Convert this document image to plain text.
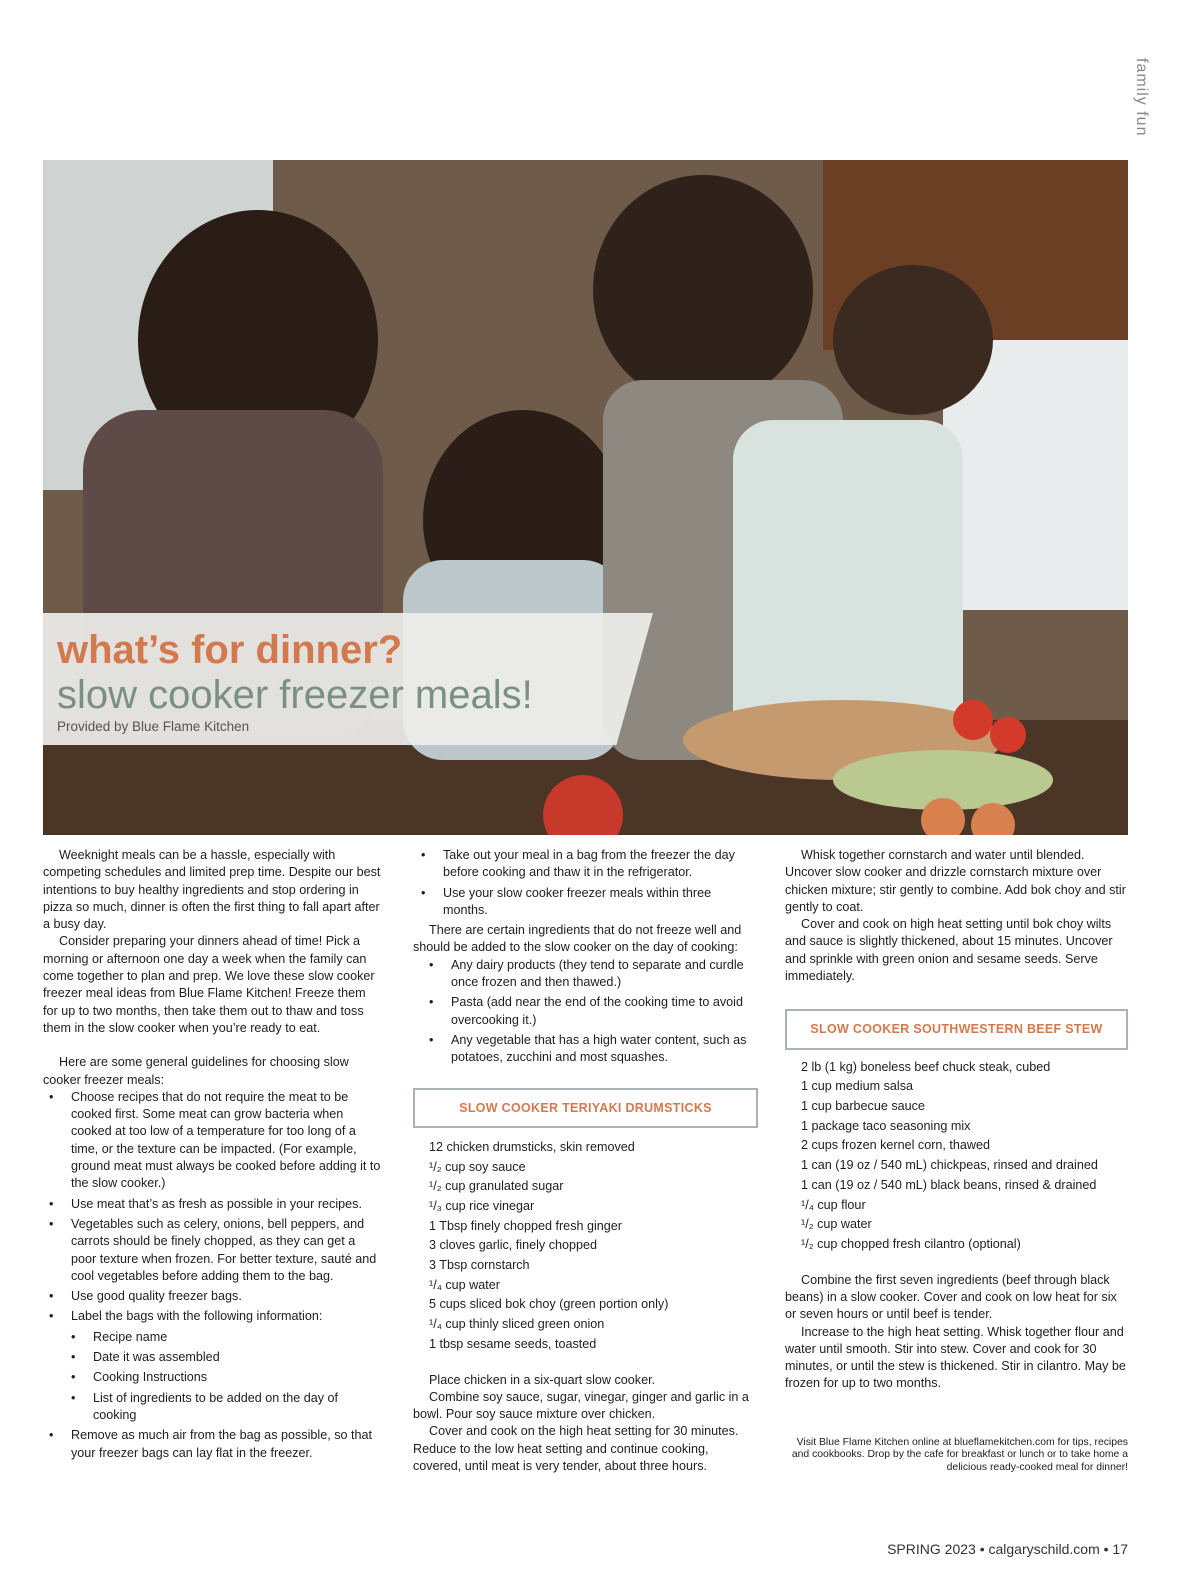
family fun
what’s for dinner?
slow cooker freezer meals!
Provided by Blue Flame Kitchen

Weeknight meals can be a hassle, especially with competing schedules and limited prep time. Despite our best intentions to buy healthy ingredients and stop ordering in pizza so much, dinner is often the first thing to fall apart after a busy day.

Consider preparing your dinners ahead of time! Pick a morning or afternoon one day a week when the family can come together to plan and prep. We love these slow cooker freezer meal ideas from Blue Flame Kitchen! Freeze them for up to two months, then take them out to thaw and toss them in the slow cooker when you’re ready to eat.

Here are some general guidelines for choosing slow cooker freezer meals:

• Choose recipes that do not require the meat to be cooked first. Some meat can grow bacteria when cooked at too low of a temperature for too long of a time, or the texture can be impacted. (For example, ground meat must always be cooked before adding it to the slow cooker.)
• Use meat that’s as fresh as possible in your recipes.
• Vegetables such as celery, onions, bell peppers, and carrots should be finely chopped, as they can get a poor texture when frozen. For better texture, sauté and cool vegetables before adding them to the bag.
• Use good quality freezer bags.
• Label the bags with the following information:
• Recipe name
• Date it was assembled
• Cooking Instructions
• List of ingredients to be added on the day of cooking
• Remove as much air from the bag as possible, so that your freezer bags can lay flat in the freezer.
• Take out your meal in a bag from the freezer the day before cooking and thaw it in the refrigerator.
• Use your slow cooker freezer meals within three months.

There are certain ingredients that do not freeze well and should be added to the slow cooker on the day of cooking:

• Any dairy products (they tend to separate and curdle once frozen and then thawed.)
• Pasta (add near the end of the cooking time to avoid overcooking it.)
• Any vegetable that has a high water content, such as potatoes, zucchini and most squashes.
SLOW COOKER TERIYAKI DRUMSTICKS
12 chicken drumsticks, skin removed
¹/₂ cup soy sauce
¹/₂ cup granulated sugar
¹/₃ cup rice vinegar
1 Tbsp finely chopped fresh ginger
3 cloves garlic, finely chopped
3 Tbsp cornstarch
¹/₄ cup water
5 cups sliced bok choy (green portion only)
¹/₄ cup thinly sliced green onion
1 tbsp sesame seeds, toasted

Place chicken in a six-quart slow cooker.

Combine soy sauce, sugar, vinegar, ginger and garlic in a bowl. Pour soy sauce mixture over chicken.

Cover and cook on the high heat setting for 30 minutes. Reduce to the low heat setting and continue cooking, covered, until meat is very tender, about three hours.

Whisk together cornstarch and water until blended. Uncover slow cooker and drizzle cornstarch mixture over chicken mixture; stir gently to combine. Add bok choy and stir gently to coat.

Cover and cook on high heat setting until bok choy wilts and sauce is slightly thickened, about 15 minutes. Uncover and sprinkle with green onion and sesame seeds. Serve immediately.

SLOW COOKER SOUTHWESTERN BEEF STEW
2 lb (1 kg) boneless beef chuck steak, cubed
1 cup medium salsa
1 cup barbecue sauce
1 package taco seasoning mix
2 cups frozen kernel corn, thawed
1 can (19 oz / 540 mL) chickpeas, rinsed and drained
1 can (19 oz / 540 mL) black beans, rinsed & drained
¹/₄ cup flour
¹/₂ cup water
¹/₂ cup chopped fresh cilantro (optional)

Combine the first seven ingredients (beef through black beans) in a slow cooker. Cover and cook on low heat for six or seven hours or until beef is tender.

Increase to the high heat setting. Whisk together flour and water until smooth. Stir into stew. Cover and cook for 30 minutes, or until the stew is thickened. Stir in cilantro. May be frozen for up to two months.

Visit Blue Flame Kitchen online at blueflamekitchen.com for tips, recipes and cookbooks. Drop by the cafe for breakfast or lunch or to take home a delicious ready-cooked meal for dinner!

SPRING 2023 • calgaryschild.com • 17
